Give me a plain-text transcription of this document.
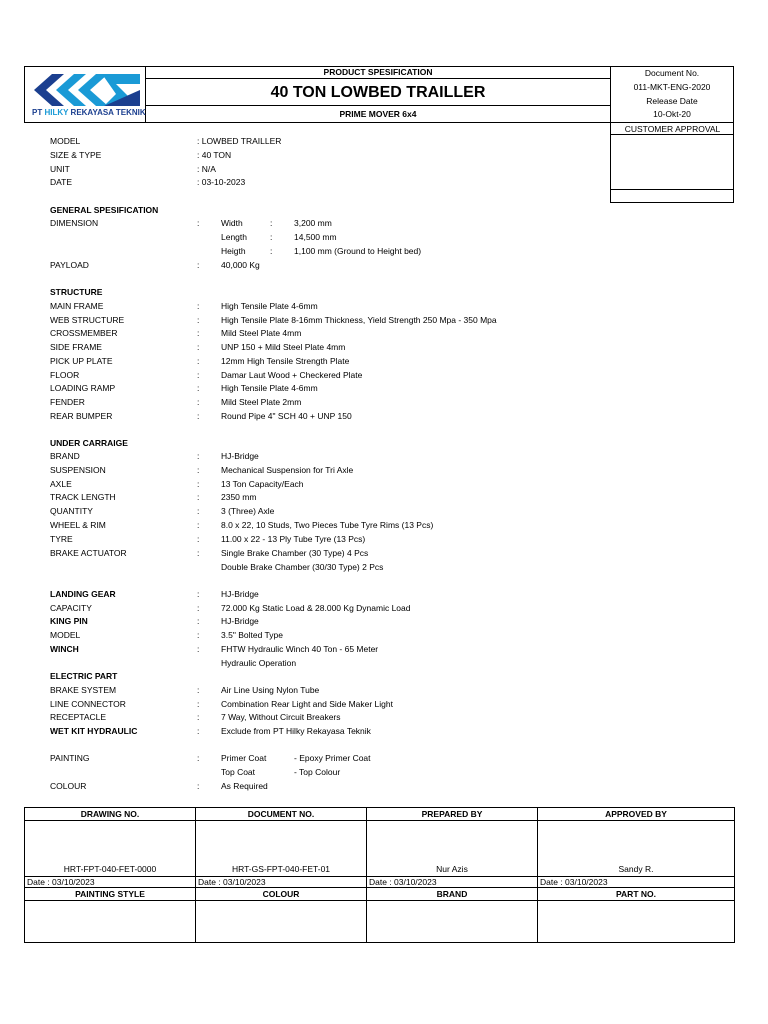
PT HILKY REKAYASA TEKNIK
PRODUCT SPESIFICATION
40 TON LOWBED TRAILLER
PRIME MOVER 6x4
Document No.
011-MKT-ENG-2020
Release Date
10-Okt-20
CUSTOMER APPROVAL
MODEL	: LOWBED TRAILLER
SIZE & TYPE	: 40 TON
UNIT	: N/A
DATE	: 03-10-2023
GENERAL SPESIFICATION
DIMENSION	:	Width	:	3,200 mm
Length	:	14,500 mm
Heigth	:	1,100 mm (Ground to Height bed)
PAYLOAD	:	40,000 Kg
STRUCTURE
MAIN FRAME	:	High Tensile Plate 4-6mm
WEB STRUCTURE	:	High Tensile Plate 8-16mm Thickness, Yield Strength 250 Mpa - 350 Mpa
CROSSMEMBER	:	Mild Steel Plate 4mm
SIDE FRAME	:	UNP 150 + Mild Steel Plate 4mm
PICK UP PLATE	:	12mm High Tensile Strength Plate
FLOOR	:	Damar Laut Wood + Checkered Plate
LOADING RAMP	:	High Tensile Plate 4-6mm
FENDER	:	Mild Steel Plate 2mm
REAR BUMPER	:	Round Pipe 4" SCH 40 + UNP 150
UNDER CARRAIGE
BRAND	:	HJ-Bridge
SUSPENSION	:	Mechanical Suspension for Tri Axle
AXLE	:	13 Ton Capacity/Each
TRACK LENGTH	:	2350 mm
QUANTITY	:	3 (Three) Axle
WHEEL & RIM	:	8.0 x 22, 10 Studs, Two Pieces Tube Tyre Rims (13 Pcs)
TYRE	:	11.00 x 22 - 13 Ply Tube Tyre (13 Pcs)
BRAKE ACTUATOR	:	Single Brake Chamber (30 Type) 4 Pcs
Double Brake Chamber (30/30 Type) 2 Pcs
LANDING GEAR	:	HJ-Bridge
CAPACITY	:	72.000 Kg Static Load & 28.000 Kg Dynamic Load
KING PIN	:	HJ-Bridge
MODEL	:	3.5" Bolted Type
WINCH	:	FHTW Hydraulic Winch 40 Ton - 65 Meter
Hydraulic Operation
ELECTRIC PART
BRAKE SYSTEM	:	Air Line Using Nylon Tube
LINE CONNECTOR	:	Combination Rear Light and Side Maker Light
RECEPTACLE	:	7 Way, Without Circuit Breakers
WET KIT HYDRAULIC	:	Exclude from PT Hilky Rekayasa Teknik
PAINTING	:	Primer Coat	- Epoxy Primer Coat
Top Coat	- Top Colour
COLOUR	:	As Required
DRAWING NO.	DOCUMENT NO.	PREPARED BY	APPROVED BY
HRT-FPT-040-FET-0000	HRT-GS-FPT-040-FET-01	Nur Azis	Sandy R.
Date : 03/10/2023	Date : 03/10/2023	Date : 03/10/2023	Date : 03/10/2023
PAINTING STYLE	COLOUR	BRAND	PART NO.
